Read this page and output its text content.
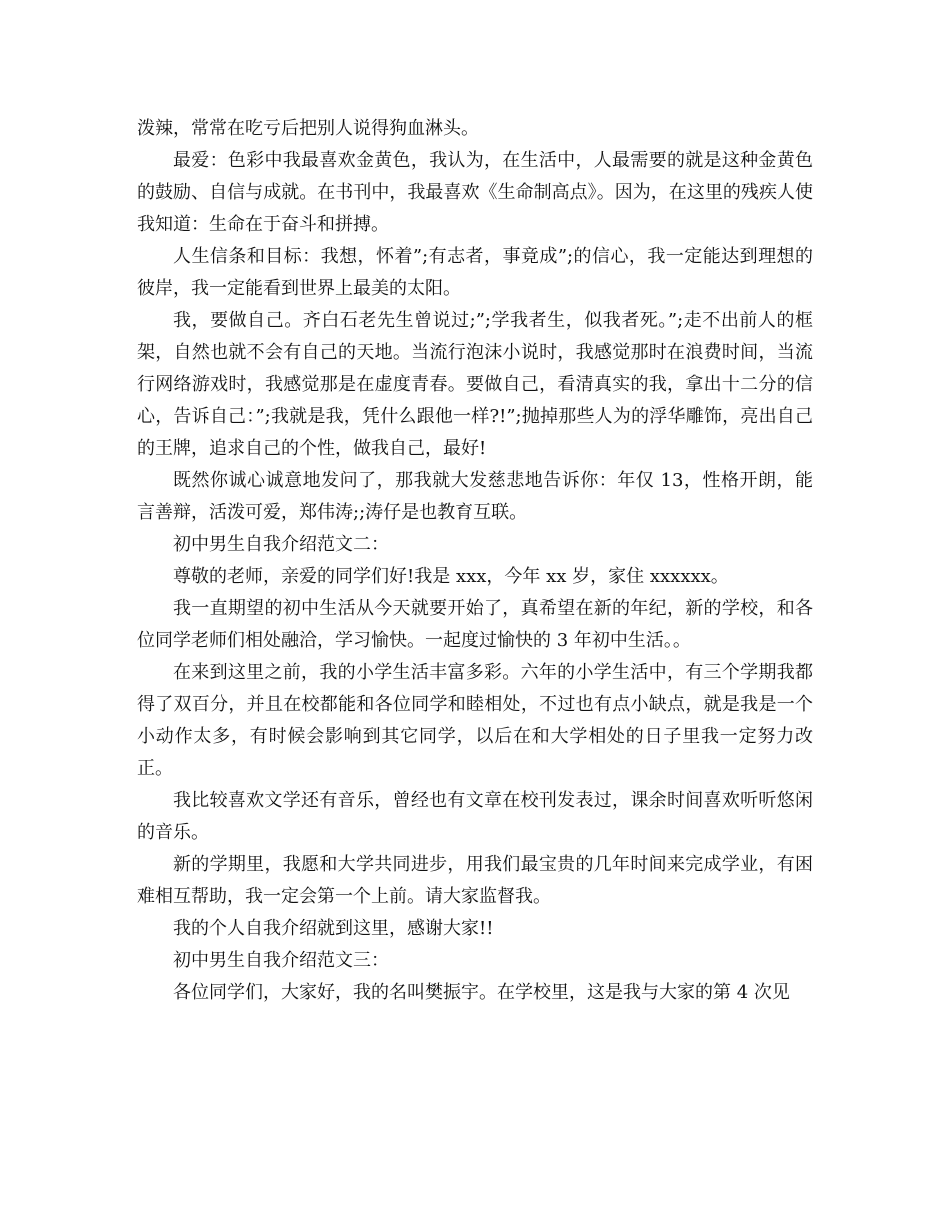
泼辣，常常在吃亏后把别人说得狗血淋头。

最爱：色彩中我最喜欢金黄色，我认为，在生活中，人最需要的就是这种金黄色的鼓励、自信与成就。在书刊中，我最喜欢《生命制高点》。因为，在这里的残疾人使我知道：生命在于奋斗和拼搏。

人生信条和目标：我想，怀着”;有志者，事竟成”;的信心，我一定能达到理想的彼岸，我一定能看到世界上最美的太阳。

我，要做自己。齐白石老先生曾说过;”;学我者生，似我者死。”;走不出前人的框架，自然也就不会有自己的天地。当流行泡沫小说时，我感觉那时在浪费时间，当流行网络游戏时，我感觉那是在虚度青春。要做自己，看清真实的我，拿出十二分的信心，告诉自己：”;我就是我，凭什么跟他一样?!”;抛掉那些人为的浮华雕饰，亮出自己的王牌，追求自己的个性，做我自己，最好!

既然你诚心诚意地发问了，那我就大发慈悲地告诉你：年仅 13，性格开朗，能言善辩，活泼可爱，郑伟涛;;涛仔是也教育互联。

初中男生自我介绍范文二：

尊敬的老师，亲爱的同学们好!我是 xxx，今年 xx 岁，家住 xxxxxx。

我一直期望的初中生活从今天就要开始了，真希望在新的年纪，新的学校，和各位同学老师们相处融洽，学习愉快。一起度过愉快的 3 年初中生活。。

在来到这里之前，我的小学生活丰富多彩。六年的小学生活中，有三个学期我都得了双百分，并且在校都能和各位同学和睦相处，不过也有点小缺点，就是我是一个小动作太多，有时候会影响到其它同学，以后在和大学相处的日子里我一定努力改正。

我比较喜欢文学还有音乐，曾经也有文章在校刊发表过，课余时间喜欢听听悠闲的音乐。

新的学期里，我愿和大学共同进步，用我们最宝贵的几年时间来完成学业，有困难相互帮助，我一定会第一个上前。请大家监督我。

我的个人自我介绍就到这里，感谢大家!!

初中男生自我介绍范文三：

各位同学们，大家好，我的名叫樊振宇。在学校里，这是我与大家的第 4 次见
